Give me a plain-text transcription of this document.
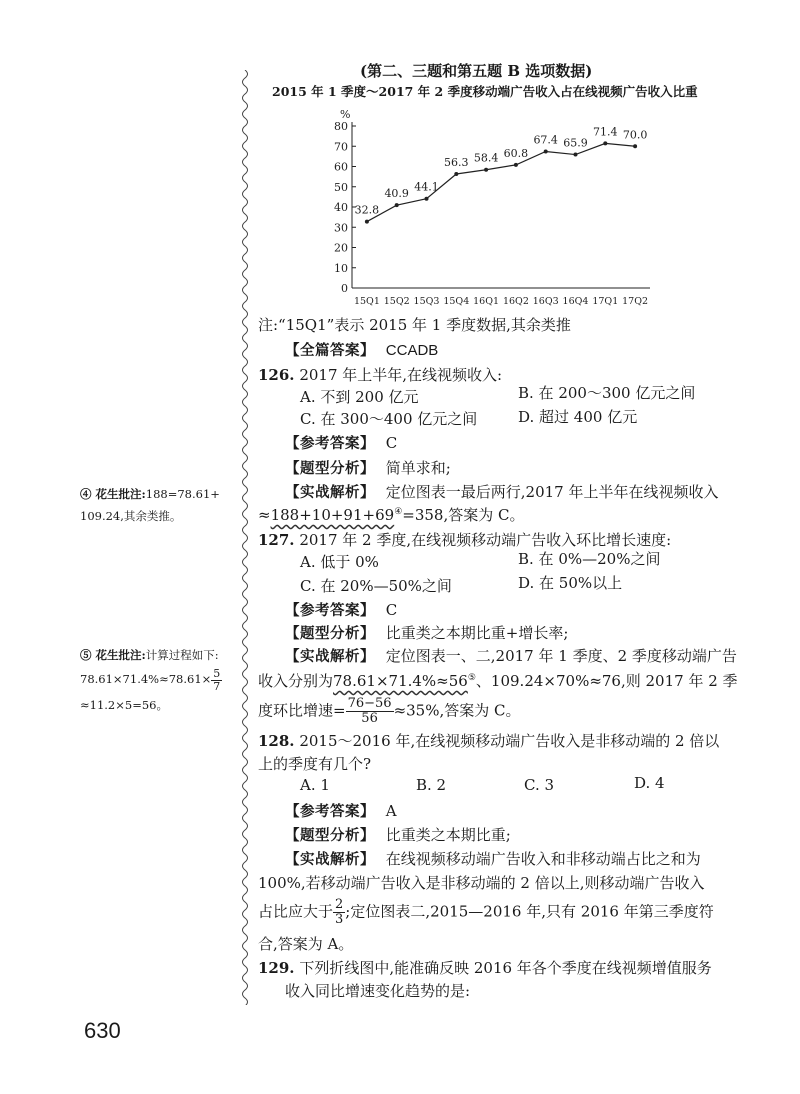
(第二、三题和第五题 B 选项数据)
2015 年 1 季度～2017 年 2 季度移动端广告收入占在线视频广告收入比重
%
0
10
20
30
40
50
60
70
80
15Q1 15Q2 15Q3 15Q4 16Q1 16Q2 16Q3 16Q4 17Q1 17Q2
32.8
40.9 44.1
56.3 58.4 60.8
67.4 65.9
71.4 70.0
注:“15Q1”表示 2015 年 1 季度数据,其余类推
【全篇答案】 CCADB
126. 2017 年上半年,在线视频收入:
A. 不到 200 亿元	B. 在 200～300 亿元之间
C. 在 300～400 亿元之间	D. 超过 400 亿元
【参考答案】 C
【题型分析】 简单求和;
【实战解析】 定位图表一最后两行,2017 年上半年在线视频收入
≈188+10+91+69④=358,答案为 C。
④ 花生批注:188=78.61+
109.24,其余类推。
127. 2017 年 2 季度,在线视频移动端广告收入环比增长速度:
A. 低于 0%	B. 在 0%—20%之间
C. 在 20%—50%之间	D. 在 50%以上
【参考答案】 C
【题型分析】 比重类之本期比重+增长率;
【实战解析】 定位图表一、二,2017 年 1 季度、2 季度移动端广告
收入分别为78.61×71.4%≈56⑤、109.24×70%≈76,则 2017 年 2 季
度环比增速= $\frac{76-56}{56} \approx 35\%$,答案为 C。
⑤ 花生批注:计算过程如下:
$78.61\times 71.4\%\approx 78.61\times \frac{5}{7}$
≈11.2×5=56。
128. 2015～2016 年,在线视频移动端广告收入是非移动端的 2 倍以
上的季度有几个?
A. 1	B. 2	C. 3	D. 4
【参考答案】 A
【题型分析】 比重类之本期比重;
【实战解析】 在线视频移动端广告收入和非移动端占比之和为
100%,若移动端广告收入是非移动端的 2 倍以上,则移动端广告收入
占比应大于 $\frac{2}{3}$ ;定位图表二,2015—2016 年,只有 2016 年第三季度符
合,答案为 A。
129. 下列折线图中,能准确反映 2016 年各个季度在线视频增值服务
收入同比增速变化趋势的是:
630
